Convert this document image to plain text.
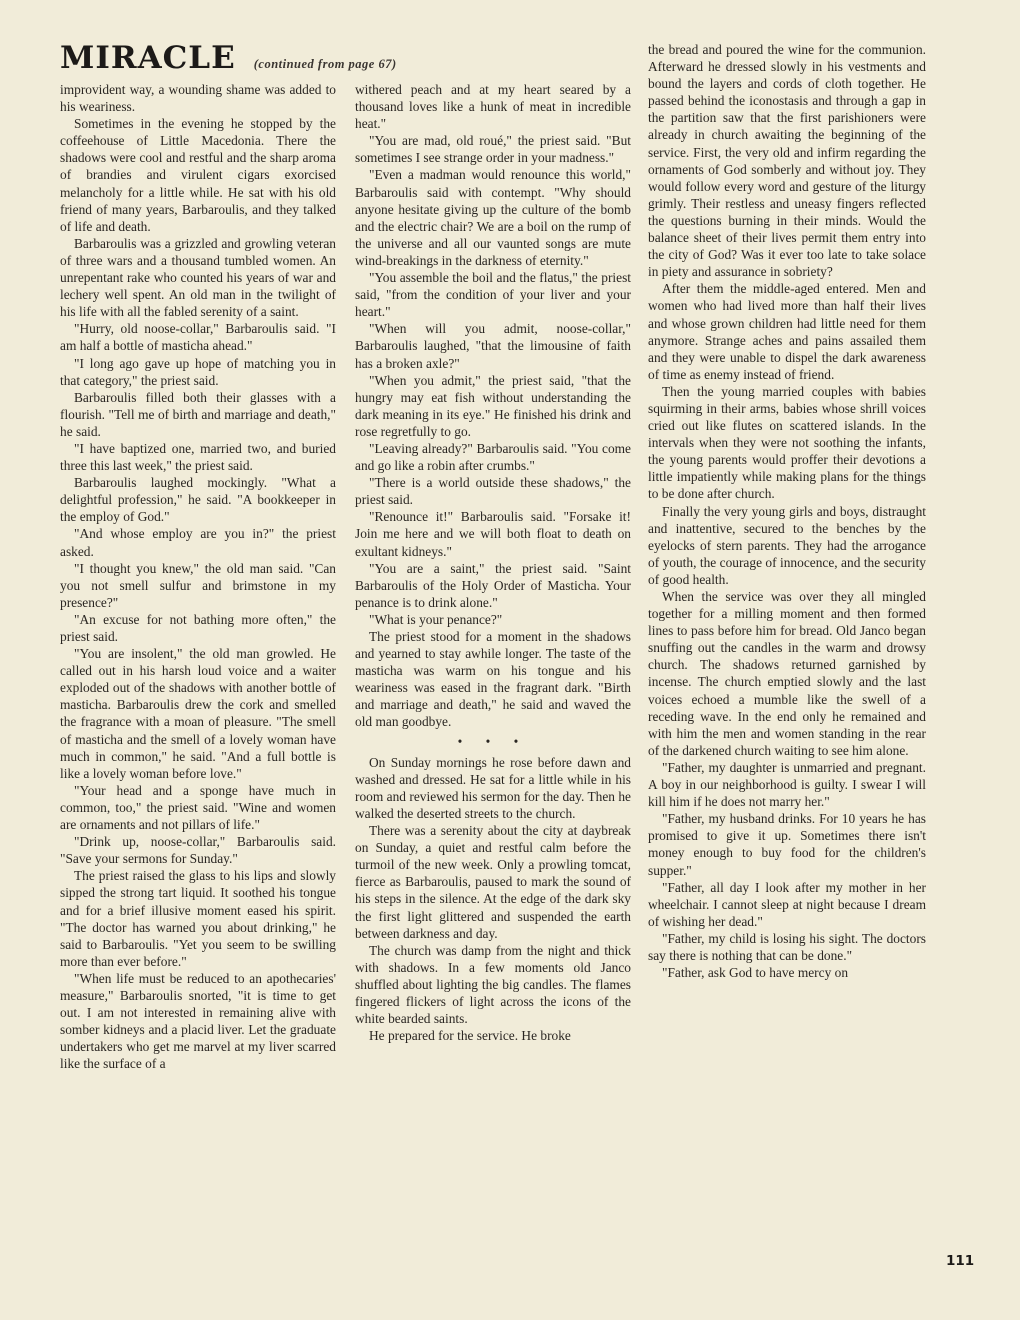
MIRACLE (continued from page 67)

improvident way, a wounding shame was added to his weariness.

Sometimes in the evening he stopped by the coffeehouse of Little Macedonia. There the shadows were cool and restful and the sharp aroma of brandies and virulent cigars exorcised melancholy for a little while. He sat with his old friend of many years, Barbaroulis, and they talked of life and death.

Barbaroulis was a grizzled and growling veteran of three wars and a thousand tumbled women. An unrepentant rake who counted his years of war and lechery well spent. An old man in the twilight of his life with all the fabled serenity of a saint.

"Hurry, old noose-collar," Barbaroulis said. "I am half a bottle of masticha ahead."

"I long ago gave up hope of matching you in that category," the priest said.

Barbaroulis filled both their glasses with a flourish. "Tell me of birth and marriage and death," he said.

"I have baptized one, married two, and buried three this last week," the priest said.

Barbaroulis laughed mockingly. "What a delightful profession," he said. "A bookkeeper in the employ of God."

"And whose employ are you in?" the priest asked.

"I thought you knew," the old man said. "Can you not smell sulfur and brimstone in my presence?"

"An excuse for not bathing more often," the priest said.

"You are insolent," the old man growled. He called out in his harsh loud voice and a waiter exploded out of the shadows with another bottle of masticha. Barbaroulis drew the cork and smelled the fragrance with a moan of pleasure. "The smell of masticha and the smell of a lovely woman have much in common," he said. "And a full bottle is like a lovely woman before love."

"Your head and a sponge have much in common, too," the priest said. "Wine and women are ornaments and not pillars of life."

"Drink up, noose-collar," Barbaroulis said. "Save your sermons for Sunday."

The priest raised the glass to his lips and slowly sipped the strong tart liquid. It soothed his tongue and for a brief illusive moment eased his spirit. "The doctor has warned you about drinking," he said to Barbaroulis. "Yet you seem to be swilling more than ever before."

"When life must be reduced to an apothecaries' measure," Barbaroulis snorted, "it is time to get out. I am not interested in remaining alive with somber kidneys and a placid liver. Let the graduate undertakers who get me marvel at my liver scarred like the surface of a

withered peach and at my heart seared by a thousand loves like a hunk of meat in incredible heat."

"You are mad, old roué," the priest said. "But sometimes I see strange order in your madness."

"Even a madman would renounce this world," Barbaroulis said with contempt. "Why should anyone hesitate giving up the culture of the bomb and the electric chair? We are a boil on the rump of the universe and all our vaunted songs are mute wind-breakings in the darkness of eternity."

"You assemble the boil and the flatus," the priest said, "from the condition of your liver and your heart."

"When will you admit, noose-collar," Barbaroulis laughed, "that the limousine of faith has a broken axle?"

"When you admit," the priest said, "that the hungry may eat fish without understanding the dark meaning in its eye." He finished his drink and rose regretfully to go.

"Leaving already?" Barbaroulis said. "You come and go like a robin after crumbs."

"There is a world outside these shadows," the priest said.

"Renounce it!" Barbaroulis said. "Forsake it! Join me here and we will both float to death on exultant kidneys."

"You are a saint," the priest said. "Saint Barbaroulis of the Holy Order of Masticha. Your penance is to drink alone."

"What is your penance?"

The priest stood for a moment in the shadows and yearned to stay awhile longer. The taste of the masticha was warm on his tongue and his weariness was eased in the fragrant dark. "Birth and marriage and death," he said and waved the old man goodbye.

• • •

On Sunday mornings he rose before dawn and washed and dressed. He sat for a little while in his room and reviewed his sermon for the day. Then he walked the deserted streets to the church.

There was a serenity about the city at daybreak on Sunday, a quiet and restful calm before the turmoil of the new week. Only a prowling tomcat, fierce as Barbaroulis, paused to mark the sound of his steps in the silence. At the edge of the dark sky the first light glittered and suspended the earth between darkness and day.

The church was damp from the night and thick with shadows. In a few moments old Janco shuffled about lighting the big candles. The flames fingered flickers of light across the icons of the white bearded saints.

He prepared for the service. He broke

the bread and poured the wine for the communion. Afterward he dressed slowly in his vestments and bound the layers and cords of cloth together. He passed behind the iconostasis and through a gap in the partition saw that the first parishioners were already in church awaiting the beginning of the service. First, the very old and infirm regarding the ornaments of God somberly and without joy. They would follow every word and gesture of the liturgy grimly. Their restless and uneasy fingers reflected the questions burning in their minds. Would the balance sheet of their lives permit them entry into the city of God? Was it ever too late to take solace in piety and assurance in sobriety?

After them the middle-aged entered. Men and women who had lived more than half their lives and whose grown children had little need for them anymore. Strange aches and pains assailed them and they were unable to dispel the dark awareness of time as enemy instead of friend.

Then the young married couples with babies squirming in their arms, babies whose shrill voices cried out like flutes on scattered islands. In the intervals when they were not soothing the infants, the young parents would proffer their devotions a little impatiently while making plans for the things to be done after church.

Finally the very young girls and boys, distraught and inattentive, secured to the benches by the eyelocks of stern parents. They had the arrogance of youth, the courage of innocence, and the security of good health.

When the service was over they all mingled together for a milling moment and then formed lines to pass before him for bread. Old Janco began snuffing out the candles in the warm and drowsy church. The shadows returned garnished by incense. The church emptied slowly and the last voices echoed a mumble like the swell of a receding wave. In the end only he remained and with him the men and women standing in the rear of the darkened church waiting to see him alone.

"Father, my daughter is unmarried and pregnant. A boy in our neighborhood is guilty. I swear I will kill him if he does not marry her."

"Father, my husband drinks. For 10 years he has promised to give it up. Sometimes there isn't money enough to buy food for the children's supper."

"Father, all day I look after my mother in her wheelchair. I cannot sleep at night because I dream of wishing her dead."

"Father, my child is losing his sight. The doctors say there is nothing that can be done."

"Father, ask God to have mercy on

111
